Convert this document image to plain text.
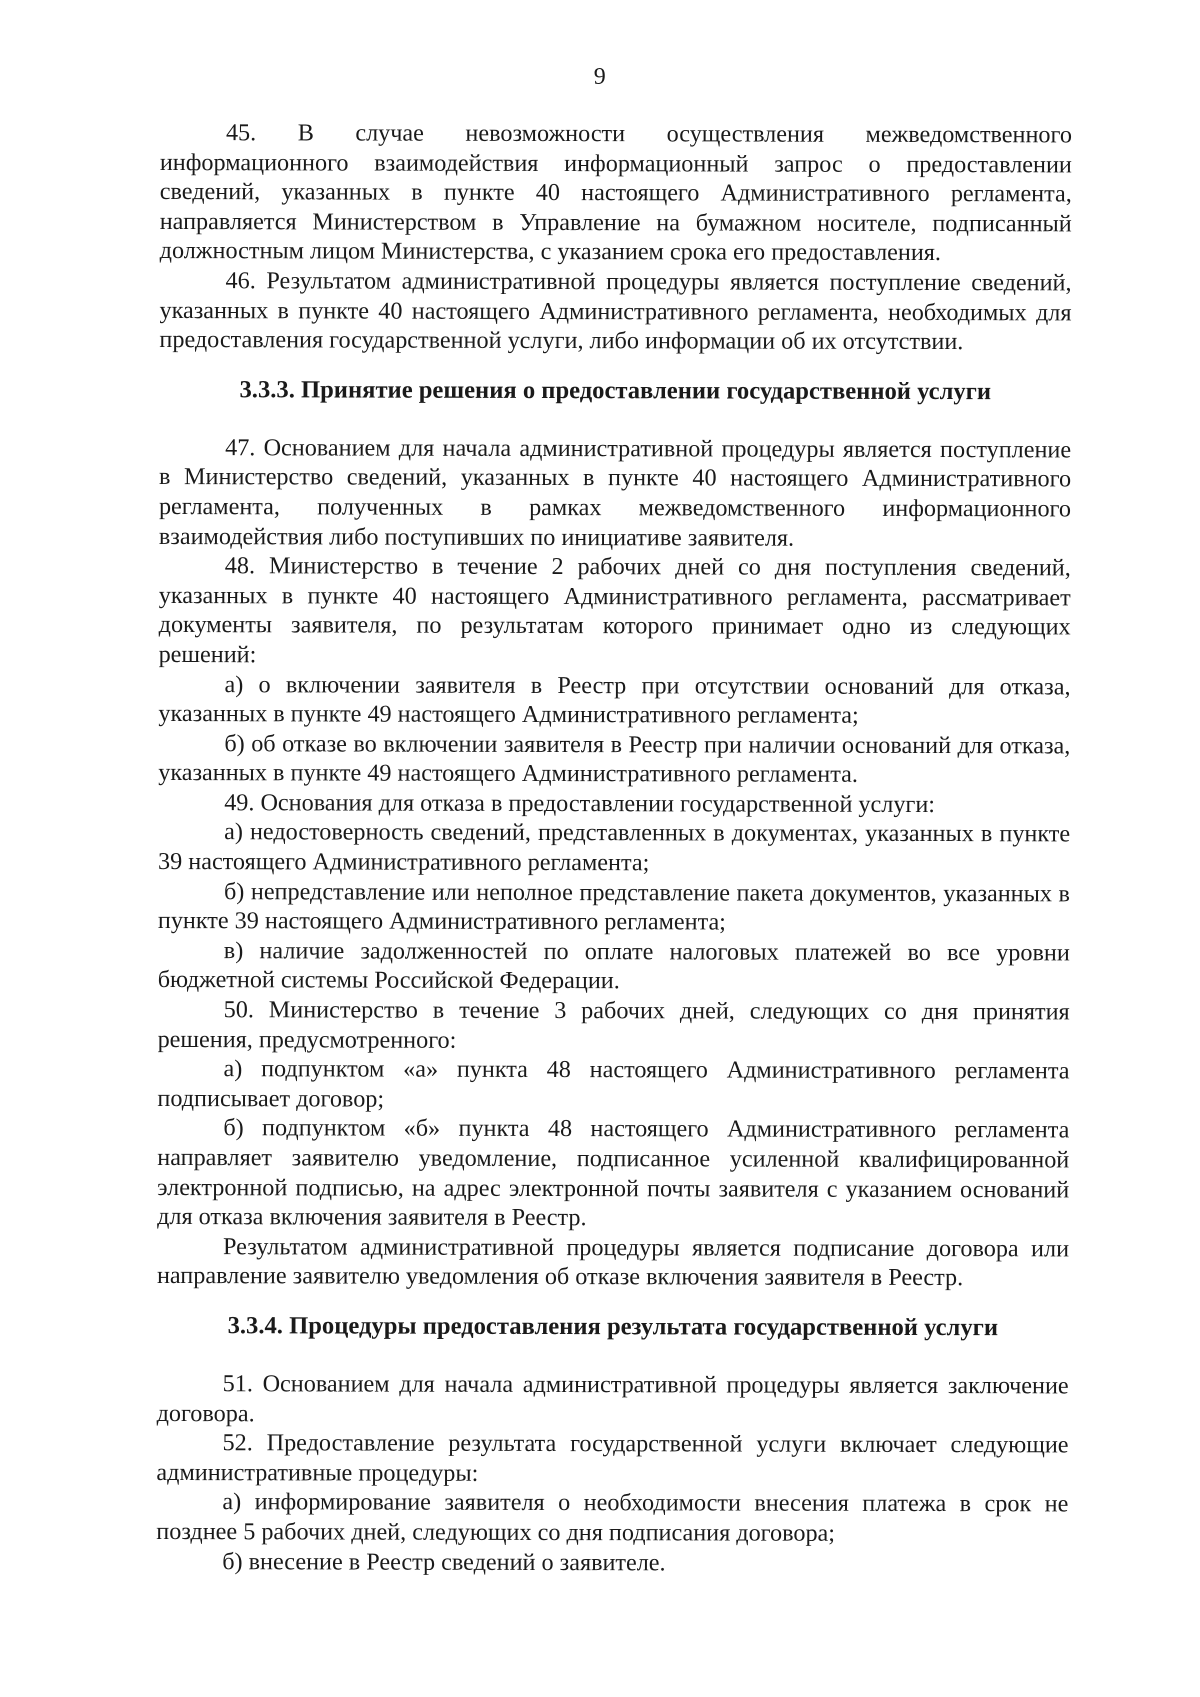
9

45. В случае невозможности осуществления межведомственного информационного взаимодействия информационный запрос о предоставлении сведений, указанных в пункте 40 настоящего Административного регламента, направляется Министерством в Управление на бумажном носителе, подписанный должностным лицом Министерства, с указанием срока его предоставления.

46. Результатом административной процедуры является поступление сведений, указанных в пункте 40 настоящего Административного регламента, необходимых для предоставления государственной услуги, либо информации об их отсутствии.

3.3.3. Принятие решения о предоставлении государственной услуги

47. Основанием для начала административной процедуры является поступление в Министерство сведений, указанных в пункте 40 настоящего Административного регламента, полученных в рамках межведомственного информационного взаимодействия либо поступивших по инициативе заявителя.

48. Министерство в течение 2 рабочих дней со дня поступления сведений, указанных в пункте 40 настоящего Административного регламента, рассматривает документы заявителя, по результатам которого принимает одно из следующих решений:

а) о включении заявителя в Реестр при отсутствии оснований для отказа, указанных в пункте 49 настоящего Административного регламента;

б) об отказе во включении заявителя в Реестр при наличии оснований для отказа, указанных в пункте 49 настоящего Административного регламента.

49. Основания для отказа в предоставлении государственной услуги:

а) недостоверность сведений, представленных в документах, указанных в пункте 39 настоящего Административного регламента;

б) непредставление или неполное представление пакета документов, указанных в пункте 39 настоящего Административного регламента;

в) наличие задолженностей по оплате налоговых платежей во все уровни бюджетной системы Российской Федерации.

50. Министерство в течение 3 рабочих дней, следующих со дня принятия решения, предусмотренного:

а) подпунктом «а» пункта 48 настоящего Административного регламента подписывает договор;

б) подпунктом «б» пункта 48 настоящего Административного регламента направляет заявителю уведомление, подписанное усиленной квалифицированной электронной подписью, на адрес электронной почты заявителя с указанием оснований для отказа включения заявителя в Реестр.

Результатом административной процедуры является подписание договора или направление заявителю уведомления об отказе включения заявителя в Реестр.

3.3.4. Процедуры предоставления результата государственной услуги

51. Основанием для начала административной процедуры является заключение договора.

52. Предоставление результата государственной услуги включает следующие административные процедуры:

а) информирование заявителя о необходимости внесения платежа в срок не позднее 5 рабочих дней, следующих со дня подписания договора;

б) внесение в Реестр сведений о заявителе.
